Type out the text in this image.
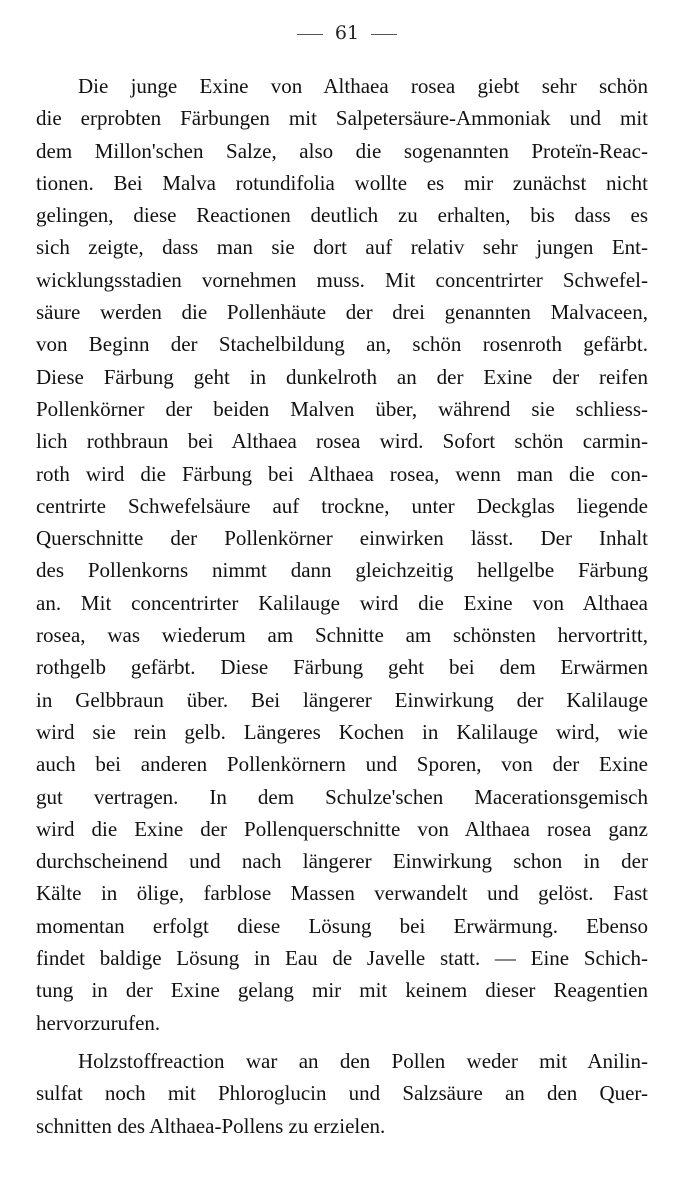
61
Die junge Exine von Althaea rosea giebt sehr schön
die erprobten Färbungen mit Salpetersäure-Ammoniak und mit
dem Millon'schen Salze, also die sogenannten Proteïn-Reac-
tionen. Bei Malva rotundifolia wollte es mir zunächst nicht
gelingen, diese Reactionen deutlich zu erhalten, bis dass es
sich zeigte, dass man sie dort auf relativ sehr jungen Ent-
wicklungsstadien vornehmen muss. Mit concentrirter Schwefel-
säure werden die Pollenhäute der drei genannten Malvaceen,
von Beginn der Stachelbildung an, schön rosenroth gefärbt.
Diese Färbung geht in dunkelroth an der Exine der reifen
Pollenkörner der beiden Malven über, während sie schliess-
lich rothbraun bei Althaea rosea wird. Sofort schön carmin-
roth wird die Färbung bei Althaea rosea, wenn man die con-
centrirte Schwefelsäure auf trockne, unter Deckglas liegende
Querschnitte der Pollenkörner einwirken lässt. Der Inhalt
des Pollenkorns nimmt dann gleichzeitig hellgelbe Färbung
an. Mit concentrirter Kalilauge wird die Exine von Althaea
rosea, was wiederum am Schnitte am schönsten hervortritt,
rothgelb gefärbt. Diese Färbung geht bei dem Erwärmen
in Gelbbraun über. Bei längerer Einwirkung der Kalilauge
wird sie rein gelb. Längeres Kochen in Kalilauge wird, wie
auch bei anderen Pollenkörnern und Sporen, von der Exine
gut vertragen. In dem Schulze'schen Macerationsgemisch
wird die Exine der Pollenquerschnitte von Althaea rosea ganz
durchscheinend und nach längerer Einwirkung schon in der
Kälte in ölige, farblose Massen verwandelt und gelöst. Fast
momentan erfolgt diese Lösung bei Erwärmung. Ebenso
findet baldige Lösung in Eau de Javelle statt. — Eine Schich-
tung in der Exine gelang mir mit keinem dieser Reagentien
hervorzurufen.
Holzstoffreaction war an den Pollen weder mit Anilin-
sulfat noch mit Phloroglucin und Salzsäure an den Quer-
schnitten des Althaea-Pollens zu erzielen.
